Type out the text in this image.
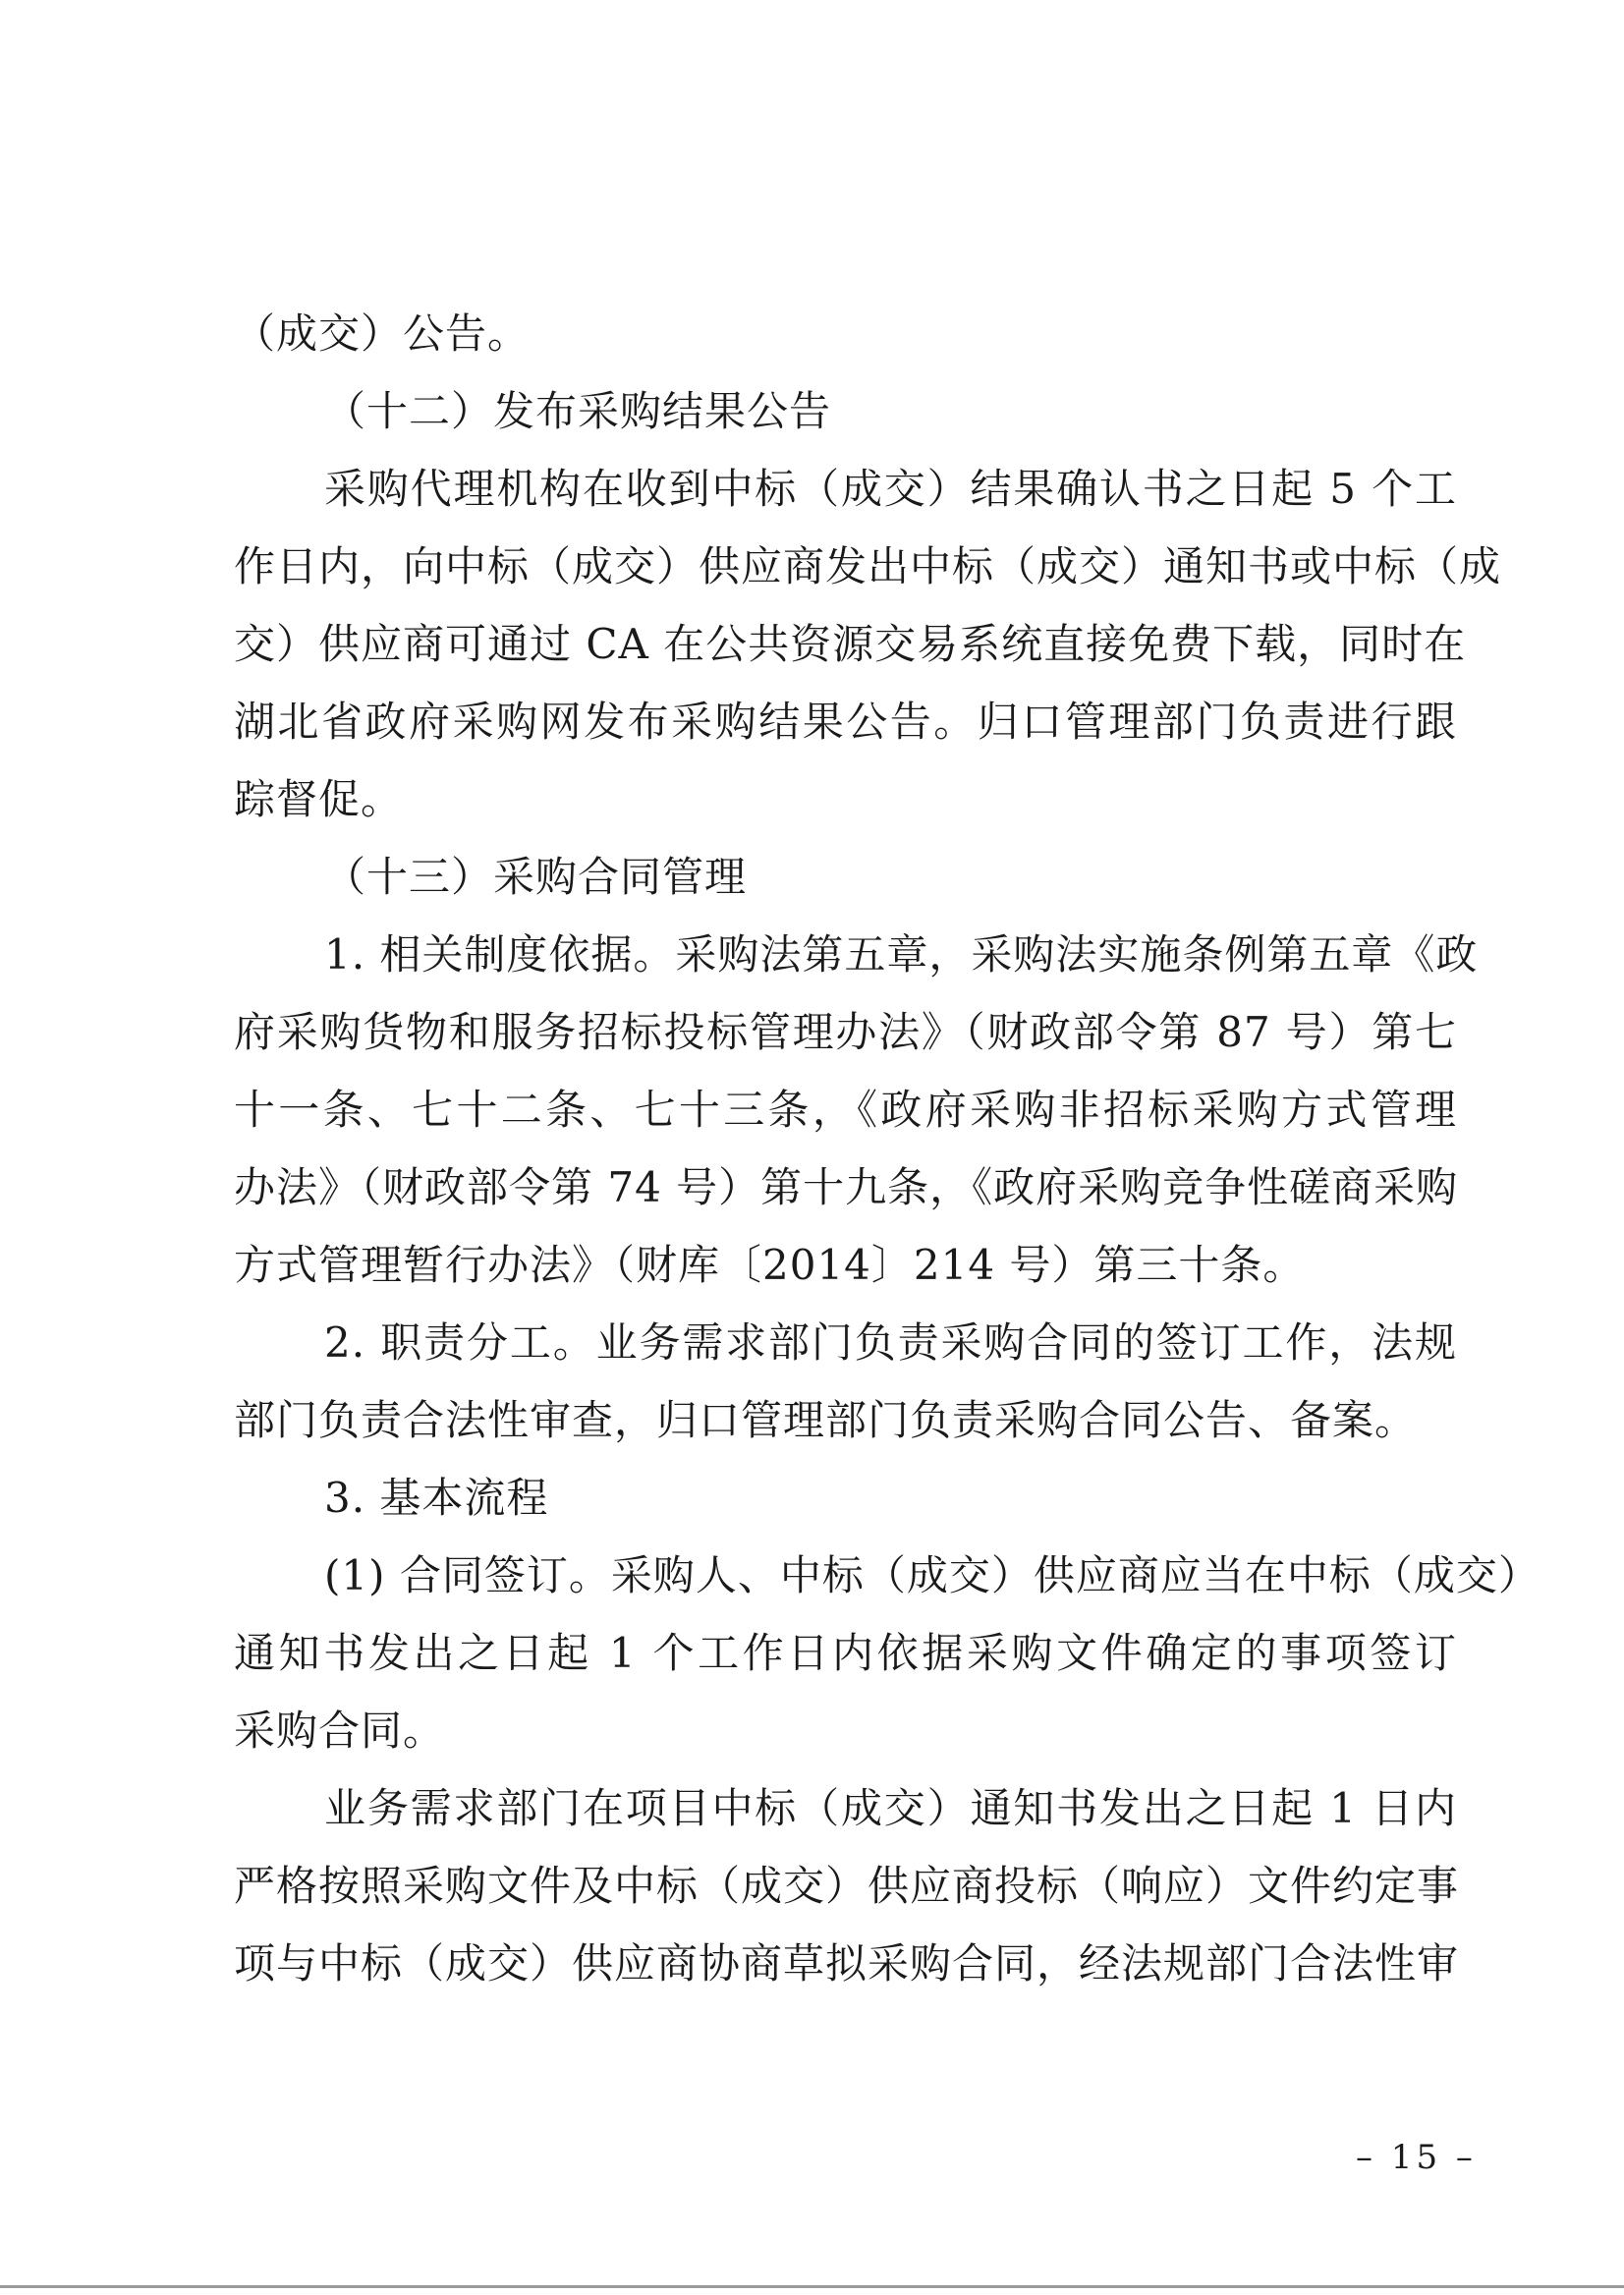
（成交）公告。
（十二）发布采购结果公告
采购代理机构在收到中标（成交）结果确认书之日起 5 个工
作日内，向中标（成交）供应商发出中标（成交）通知书或中标（成
交）供应商可通过 CA 在公共资源交易系统直接免费下载，同时在
湖北省政府采购网发布采购结果公告。归口管理部门负责进行跟
踪督促。
（十三）采购合同管理
1. 相关制度依据。采购法第五章，采购法实施条例第五章《政
府采购货物和服务招标投标管理办法》（财政部令第 87 号）第七
十一条、七十二条、七十三条，《政府采购非招标采购方式管理
办法》（财政部令第 74 号）第十九条，《政府采购竞争性磋商采购
方式管理暂行办法》（财库〔2014〕214 号）第三十条。
2. 职责分工。业务需求部门负责采购合同的签订工作，法规
部门负责合法性审查，归口管理部门负责采购合同公告、备案。
3. 基本流程
(1) 合同签订。采购人、中标（成交）供应商应当在中标（成交）
通知书发出之日起 1 个工作日内依据采购文件确定的事项签订
采购合同。
业务需求部门在项目中标（成交）通知书发出之日起 1 日内
严格按照采购文件及中标（成交）供应商投标（响应）文件约定事
项与中标（成交）供应商协商草拟采购合同，经法规部门合法性审
– 15 –
